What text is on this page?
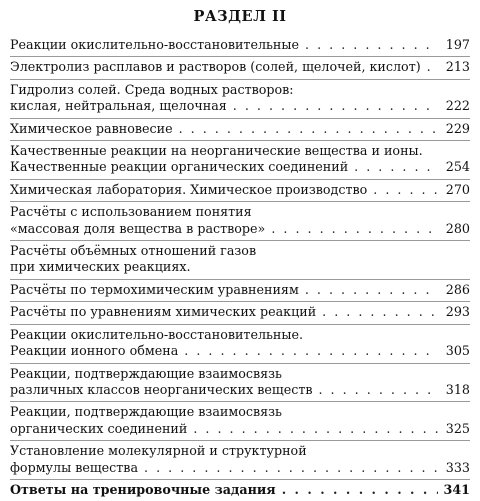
РАЗДЕЛ II
Реакции окислительно-восстановительные . . .	197
Электролиз расплавов и растворов (солей, щелочей, кислот) . . . 213
Гидролиз солей. Среда водных растворов:
кислая, нейтральная, щелочная . . .	222
Химическое равновесие . . .	229
Качественные реакции на неорганические вещества и ионы.
Качественные реакции органических соединений . . .	254
Химическая лаборатория. Химическое производство . . .	270
Расчёты с использованием понятия
«массовая доля вещества в растворе» . . .	280
Расчёты объёмных отношений газов
при химических реакциях.
Расчёты по термохимическим уравнениям . . .	286
Расчёты по уравнениям химических реакций . . .	293
Реакции окислительно-восстановительные.
Реакции ионного обмена . . .	305
Реакции, подтверждающие взаимосвязь
различных классов неорганических веществ . . .	318
Реакции, подтверждающие взаимосвязь
органических соединений . . .	325
Установление молекулярной и структурной
формулы вещества . . .	333
Ответы на тренировочные задания . . .	341
